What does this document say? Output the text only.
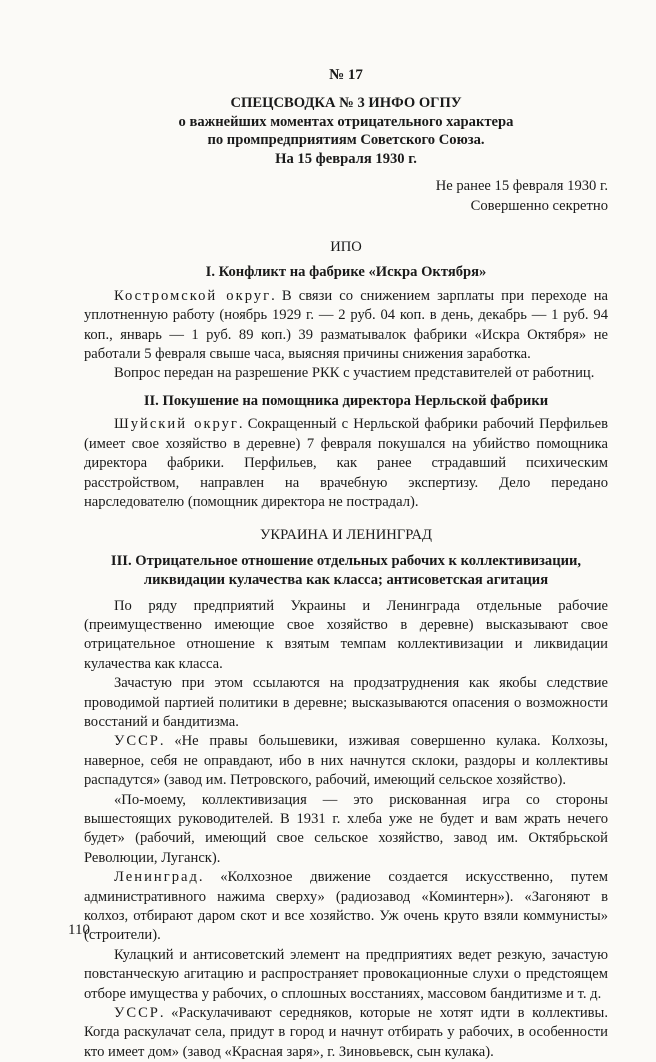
№ 17
СПЕЦСВОДКА № 3 ИНФО ОГПУ
о важнейших моментах отрицательного характера
по промпредприятиям Советского Союза.
На 15 февраля 1930 г.
Не ранее 15 февраля 1930 г.
Совершенно секретно
ИПО
I. Конфликт на фабрике «Искра Октября»

Костромской округ. В связи со снижением зарплаты при переходе на уплотненную работу (ноябрь 1929 г. — 2 руб. 04 коп. в день, декабрь — 1 руб. 94 коп., январь — 1 руб. 89 коп.) 39 разматывалок фабрики «Искра Октября» не работали 5 февраля свыше часа, выясняя причины снижения заработка.

Вопрос передан на разрешение РКК с участием представителей от работниц.

II. Покушение на помощника директора Нерльской фабрики

Шуйский округ. Сокращенный с Нерльской фабрики рабочий Перфильев (имеет свое хозяйство в деревне) 7 февраля покушался на убийство помощника директора фабрики. Перфильев, как ранее страдавший психическим расстройством, направлен на врачебную экспертизу. Дело передано нарследователю (помощник директора не пострадал).

УКРАИНА И ЛЕНИНГРАД
III. Отрицательное отношение отдельных рабочих к коллективизации,
ликвидации кулачества как класса; антисоветская агитация

По ряду предприятий Украины и Ленинграда отдельные рабочие (преимущественно имеющие свое хозяйство в деревне) высказывают свое отрицательное отношение к взятым темпам коллективизации и ликвидации кулачества как класса.

Зачастую при этом ссылаются на продзатруднения как якобы следствие проводимой партией политики в деревне; высказываются опасения о возможности восстаний и бандитизма.

УССР. «Не правы большевики, изживая совершенно кулака. Колхозы, наверное, себя не оправдают, ибо в них начнутся склоки, раздоры и коллективы распадутся» (завод им. Петровского, рабочий, имеющий сельское хозяйство).

«По-моему, коллективизация — это рискованная игра со стороны вышестоящих руководителей. В 1931 г. хлеба уже не будет и вам жрать нечего будет» (рабочий, имеющий свое сельское хозяйство, завод им. Октябрьской Революции, Луганск).

Ленинград. «Колхозное движение создается искусственно, путем административного нажима сверху» (радиозавод «Коминтерн»). «Загоняют в колхоз, отбирают даром скот и все хозяйство. Уж очень круто взяли коммунисты» (строители).

Кулацкий и антисоветский элемент на предприятиях ведет резкую, зачастую повстанческую агитацию и распространяет провокационные слухи о предстоящем отборе имущества у рабочих, о сплошных восстаниях, массовом бандитизме и т. д.

УССР. «Раскулачивают середняков, которые не хотят идти в коллективы. Когда раскулачат села, придут в город и начнут отбирать у рабочих, в особенности кто имеет дом» (завод «Красная заря», г. Зиновьевск, сын кулака).

110
